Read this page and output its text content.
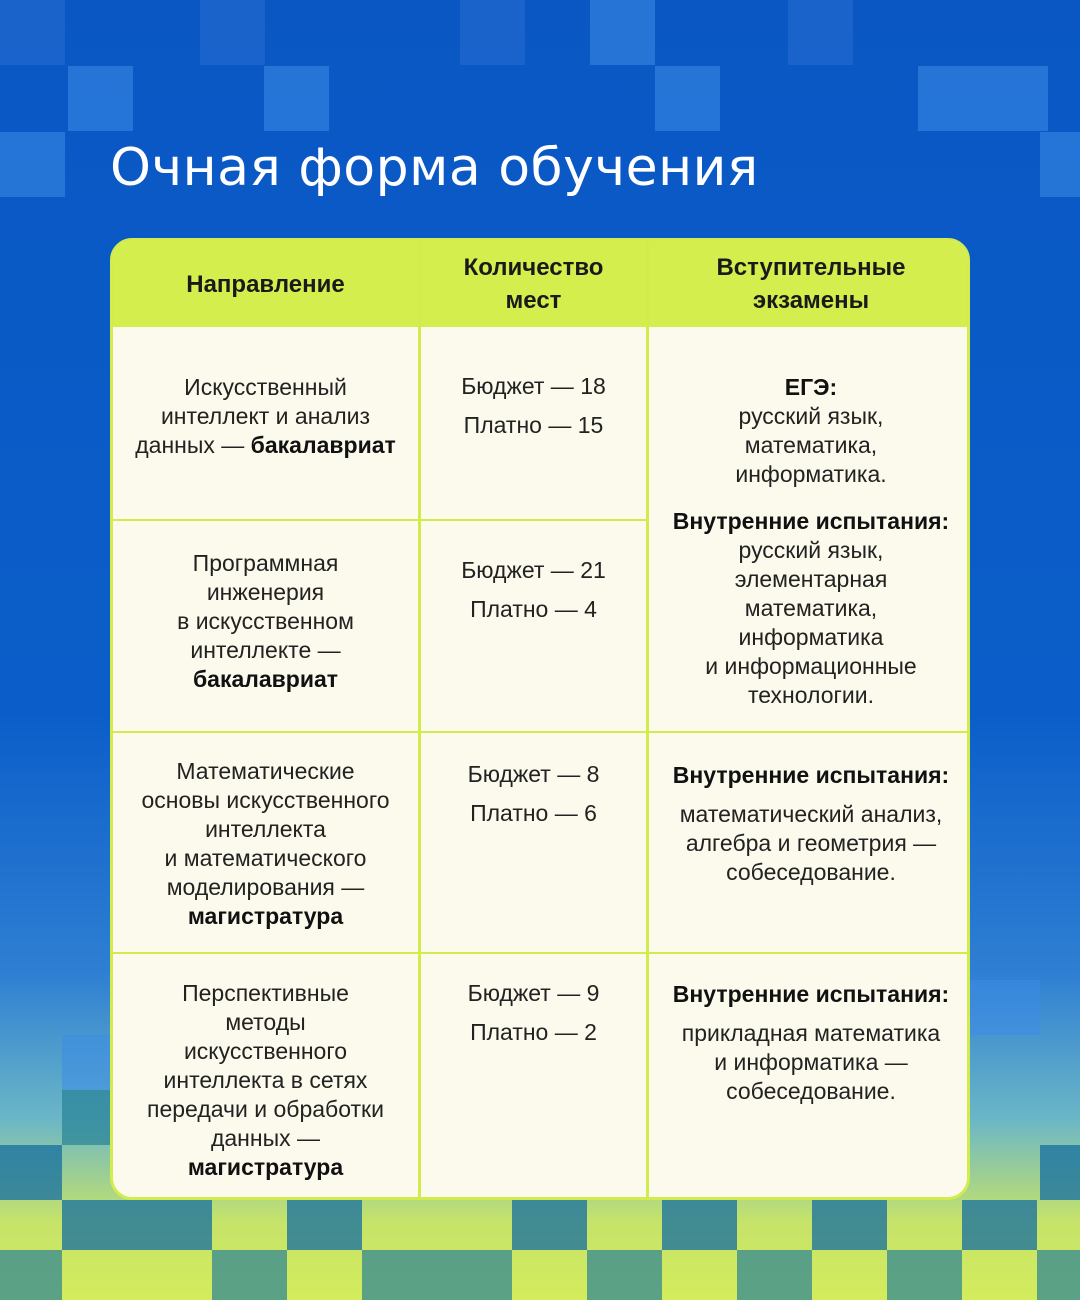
Очная форма обучения
Направление
Количество
мест
Вступительные
экзамены
Искусственный
интеллект и анализ
данных — бакалавриат

Бюджет — 18

Платно — 15

Программная
инженерия
в искусственном
интеллекте —
бакалавриат

Бюджет — 21

Платно — 4

ЕГЭ:
русский язык,
математика,
информатика.
Внутренние испытания:
русский язык,
элементарная
математика,
информатика
и информационные
технологии.
Математические
основы искусственного
интеллекта
и математического
моделирования —
магистратура

Бюджет — 8

Платно — 6

Внутренние испытания:
математический анализ,
алгебра и геометрия —
собеседование.
Перспективные
методы
искусственного
интеллекта в сетях
передачи и обработки
данных —
магистратура

Бюджет — 9

Платно — 2

Внутренние испытания:
прикладная математика
и информатика —
собеседование.
